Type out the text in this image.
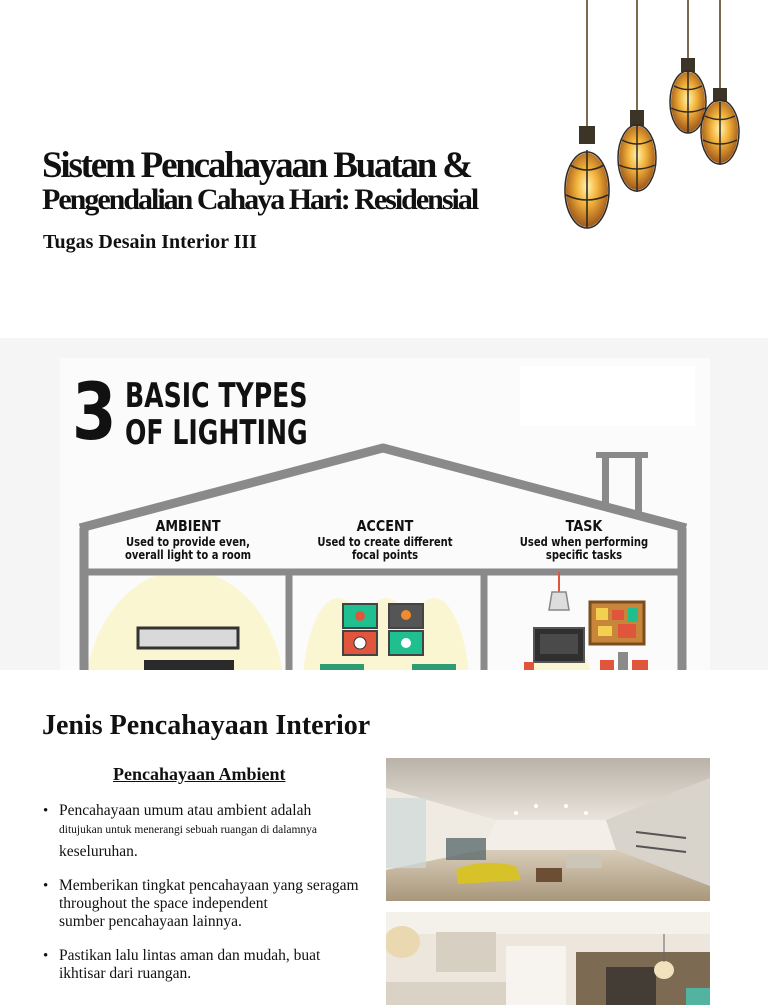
Sistem Pencahayaan Buatan &
Pengendalian Cahaya Hari: Residensial
Tugas Desain Interior III
3 BASIC TYPES
OF LIGHTING
AMBIENT
Used to provide even,
overall light to a room
ACCENT
Used to create different
focal points
TASK
Used when performing
specific tasks
Jenis Pencahayaan Interior
Pencahayaan Ambient
• Pencahayaan umum atau ambient adalah
ditujukan untuk menerangi sebuah ruangan di dalamnya
keseluruhan.
• Memberikan tingkat pencahayaan yang seragam
throughout the space independent
sumber pencahayaan lainnya.
• Pastikan lalu lintas aman dan mudah, buat
ikhtisar dari ruangan.
